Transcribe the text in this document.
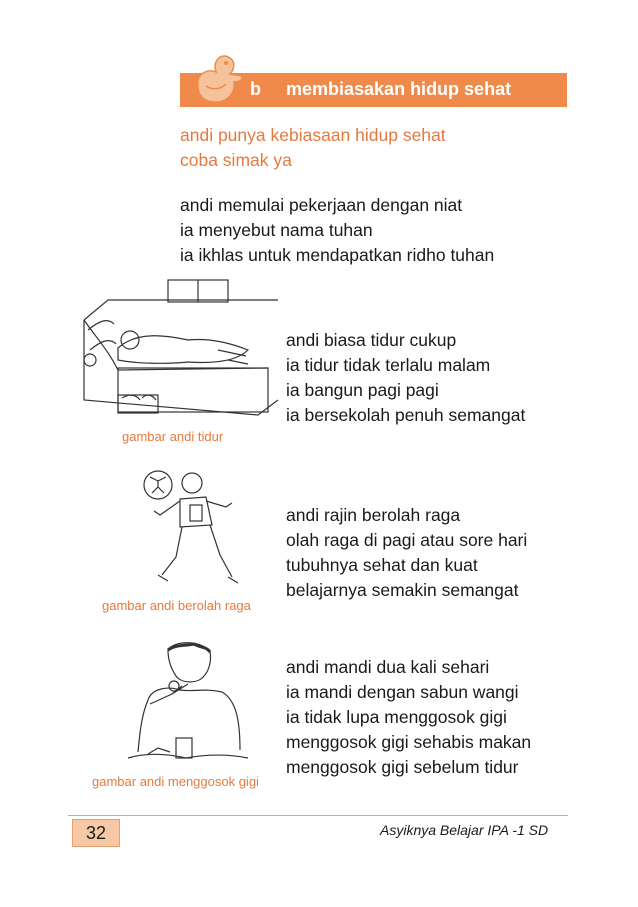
b membiasakan hidup sehat
andi punya kebiasaan hidup sehat
coba simak ya
andi memulai pekerjaan dengan niat
ia menyebut nama tuhan
ia ikhlas untuk mendapatkan ridho tuhan
gambar andi tidur
andi biasa tidur cukup
ia tidur tidak terlalu malam
ia bangun pagi pagi
ia bersekolah penuh semangat
gambar andi berolah raga
andi rajin berolah raga
olah raga di pagi atau sore hari
tubuhnya sehat dan kuat
belajarnya semakin semangat
gambar andi menggosok gigi
andi mandi dua kali sehari
ia mandi dengan sabun wangi
ia tidak lupa menggosok gigi
menggosok gigi sehabis makan
menggosok gigi sebelum tidur
32	Asyiknya Belajar IPA -1 SD
